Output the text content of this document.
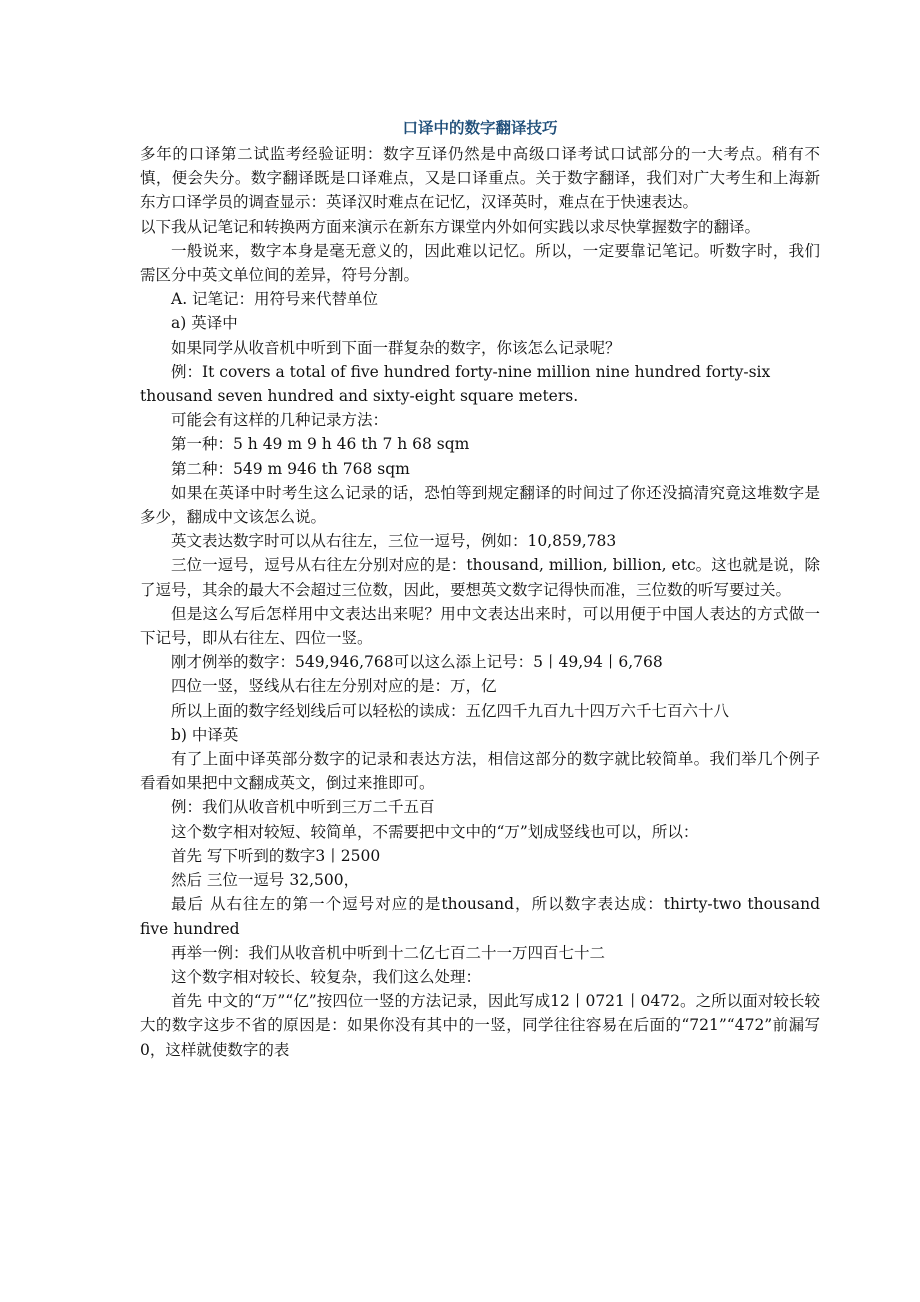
口译中的数字翻译技巧

多年的口译第二试监考经验证明：数字互译仍然是中高级口译考试口试部分的一大考点。稍有不慎，便会失分。数字翻译既是口译难点，又是口译重点。关于数字翻译，我们对广大考生和上海新东方口译学员的调查显示：英译汉时难点在记忆，汉译英时，难点在于快速表达。

以下我从记笔记和转换两方面来演示在新东方课堂内外如何实践以求尽快掌握数字的翻译。

一般说来，数字本身是毫无意义的，因此难以记忆。所以，一定要靠记笔记。听数字时，我们需区分中英文单位间的差异，符号分割。

A. 记笔记：用符号来代替单位

a) 英译中

如果同学从收音机中听到下面一群复杂的数字，你该怎么记录呢？

例：It covers a total of five hundred forty-nine million nine hundred forty-six thousand seven hundred and sixty-eight square meters.

可能会有这样的几种记录方法：

第一种：5 h 49 m 9 h 46 th 7 h 68 sqm

第二种：549 m 946 th 768 sqm

如果在英译中时考生这么记录的话，恐怕等到规定翻译的时间过了你还没搞清究竟这堆数字是多少，翻成中文该怎么说。

英文表达数字时可以从右往左，三位一逗号，例如：10,859,783

三位一逗号，逗号从右往左分别对应的是：thousand, million, billion, etc。这也就是说，除了逗号，其余的最大不会超过三位数，因此，要想英文数字记得快而准，三位数的听写要过关。

但是这么写后怎样用中文表达出来呢？用中文表达出来时，可以用便于中国人表达的方式做一下记号，即从右往左、四位一竖。

刚才例举的数字：549,946,768可以这么添上记号：5丨49,94丨6,768

四位一竖，竖线从右往左分别对应的是：万，亿

所以上面的数字经划线后可以轻松的读成：五亿四千九百九十四万六千七百六十八

b) 中译英

有了上面中译英部分数字的记录和表达方法，相信这部分的数字就比较简单。我们举几个例子看看如果把中文翻成英文，倒过来推即可。

例：我们从收音机中听到三万二千五百

这个数字相对较短、较简单，不需要把中文中的“万”划成竖线也可以，所以：

首先 写下听到的数字3丨2500

然后 三位一逗号 32,500，

最后 从右往左的第一个逗号对应的是thousand，所以数字表达成：thirty-two thousand five hundred

再举一例：我们从收音机中听到十二亿七百二十一万四百七十二

这个数字相对较长、较复杂，我们这么处理：

首先 中文的“万”“亿”按四位一竖的方法记录，因此写成12丨0721丨0472。之所以面对较长较大的数字这步不省的原因是：如果你没有其中的一竖，同学往往容易在后面的“721”“472”前漏写0，这样就使数字的表
